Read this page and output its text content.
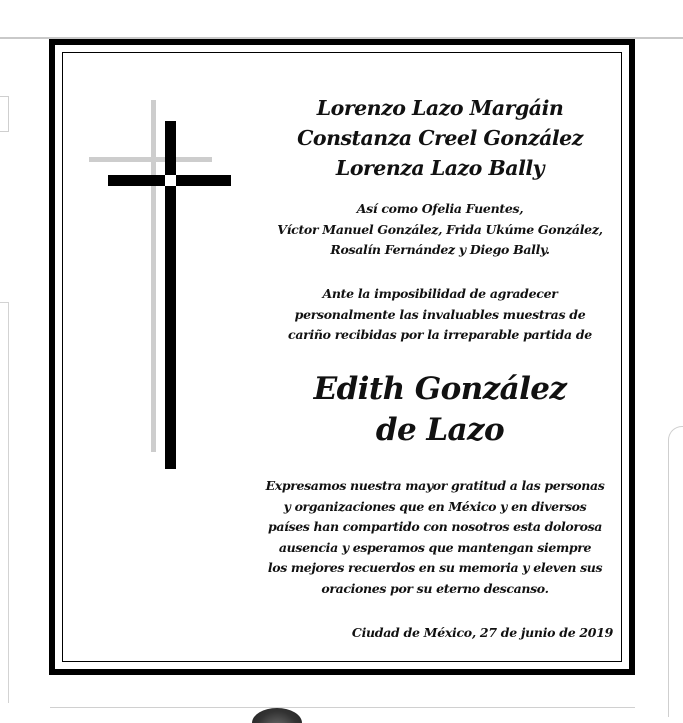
Lorenzo Lazo Margáin
Constanza Creel González
Lorenza Lazo Bally
Así como Ofelia Fuentes,
Víctor Manuel González, Frida Ukúme González,
Rosalín Fernández y Diego Bally.
Ante la imposibilidad de agradecer
personalmente las invaluables muestras de
cariño recibidas por la irreparable partida de
Edith González
de Lazo
Expresamos nuestra mayor gratitud a las personas
y organizaciones que en México y en diversos
países han compartido con nosotros esta dolorosa
ausencia y esperamos que mantengan siempre
los mejores recuerdos en su memoria y eleven sus
oraciones por su eterno descanso.
Ciudad de México, 27 de junio de 2019
